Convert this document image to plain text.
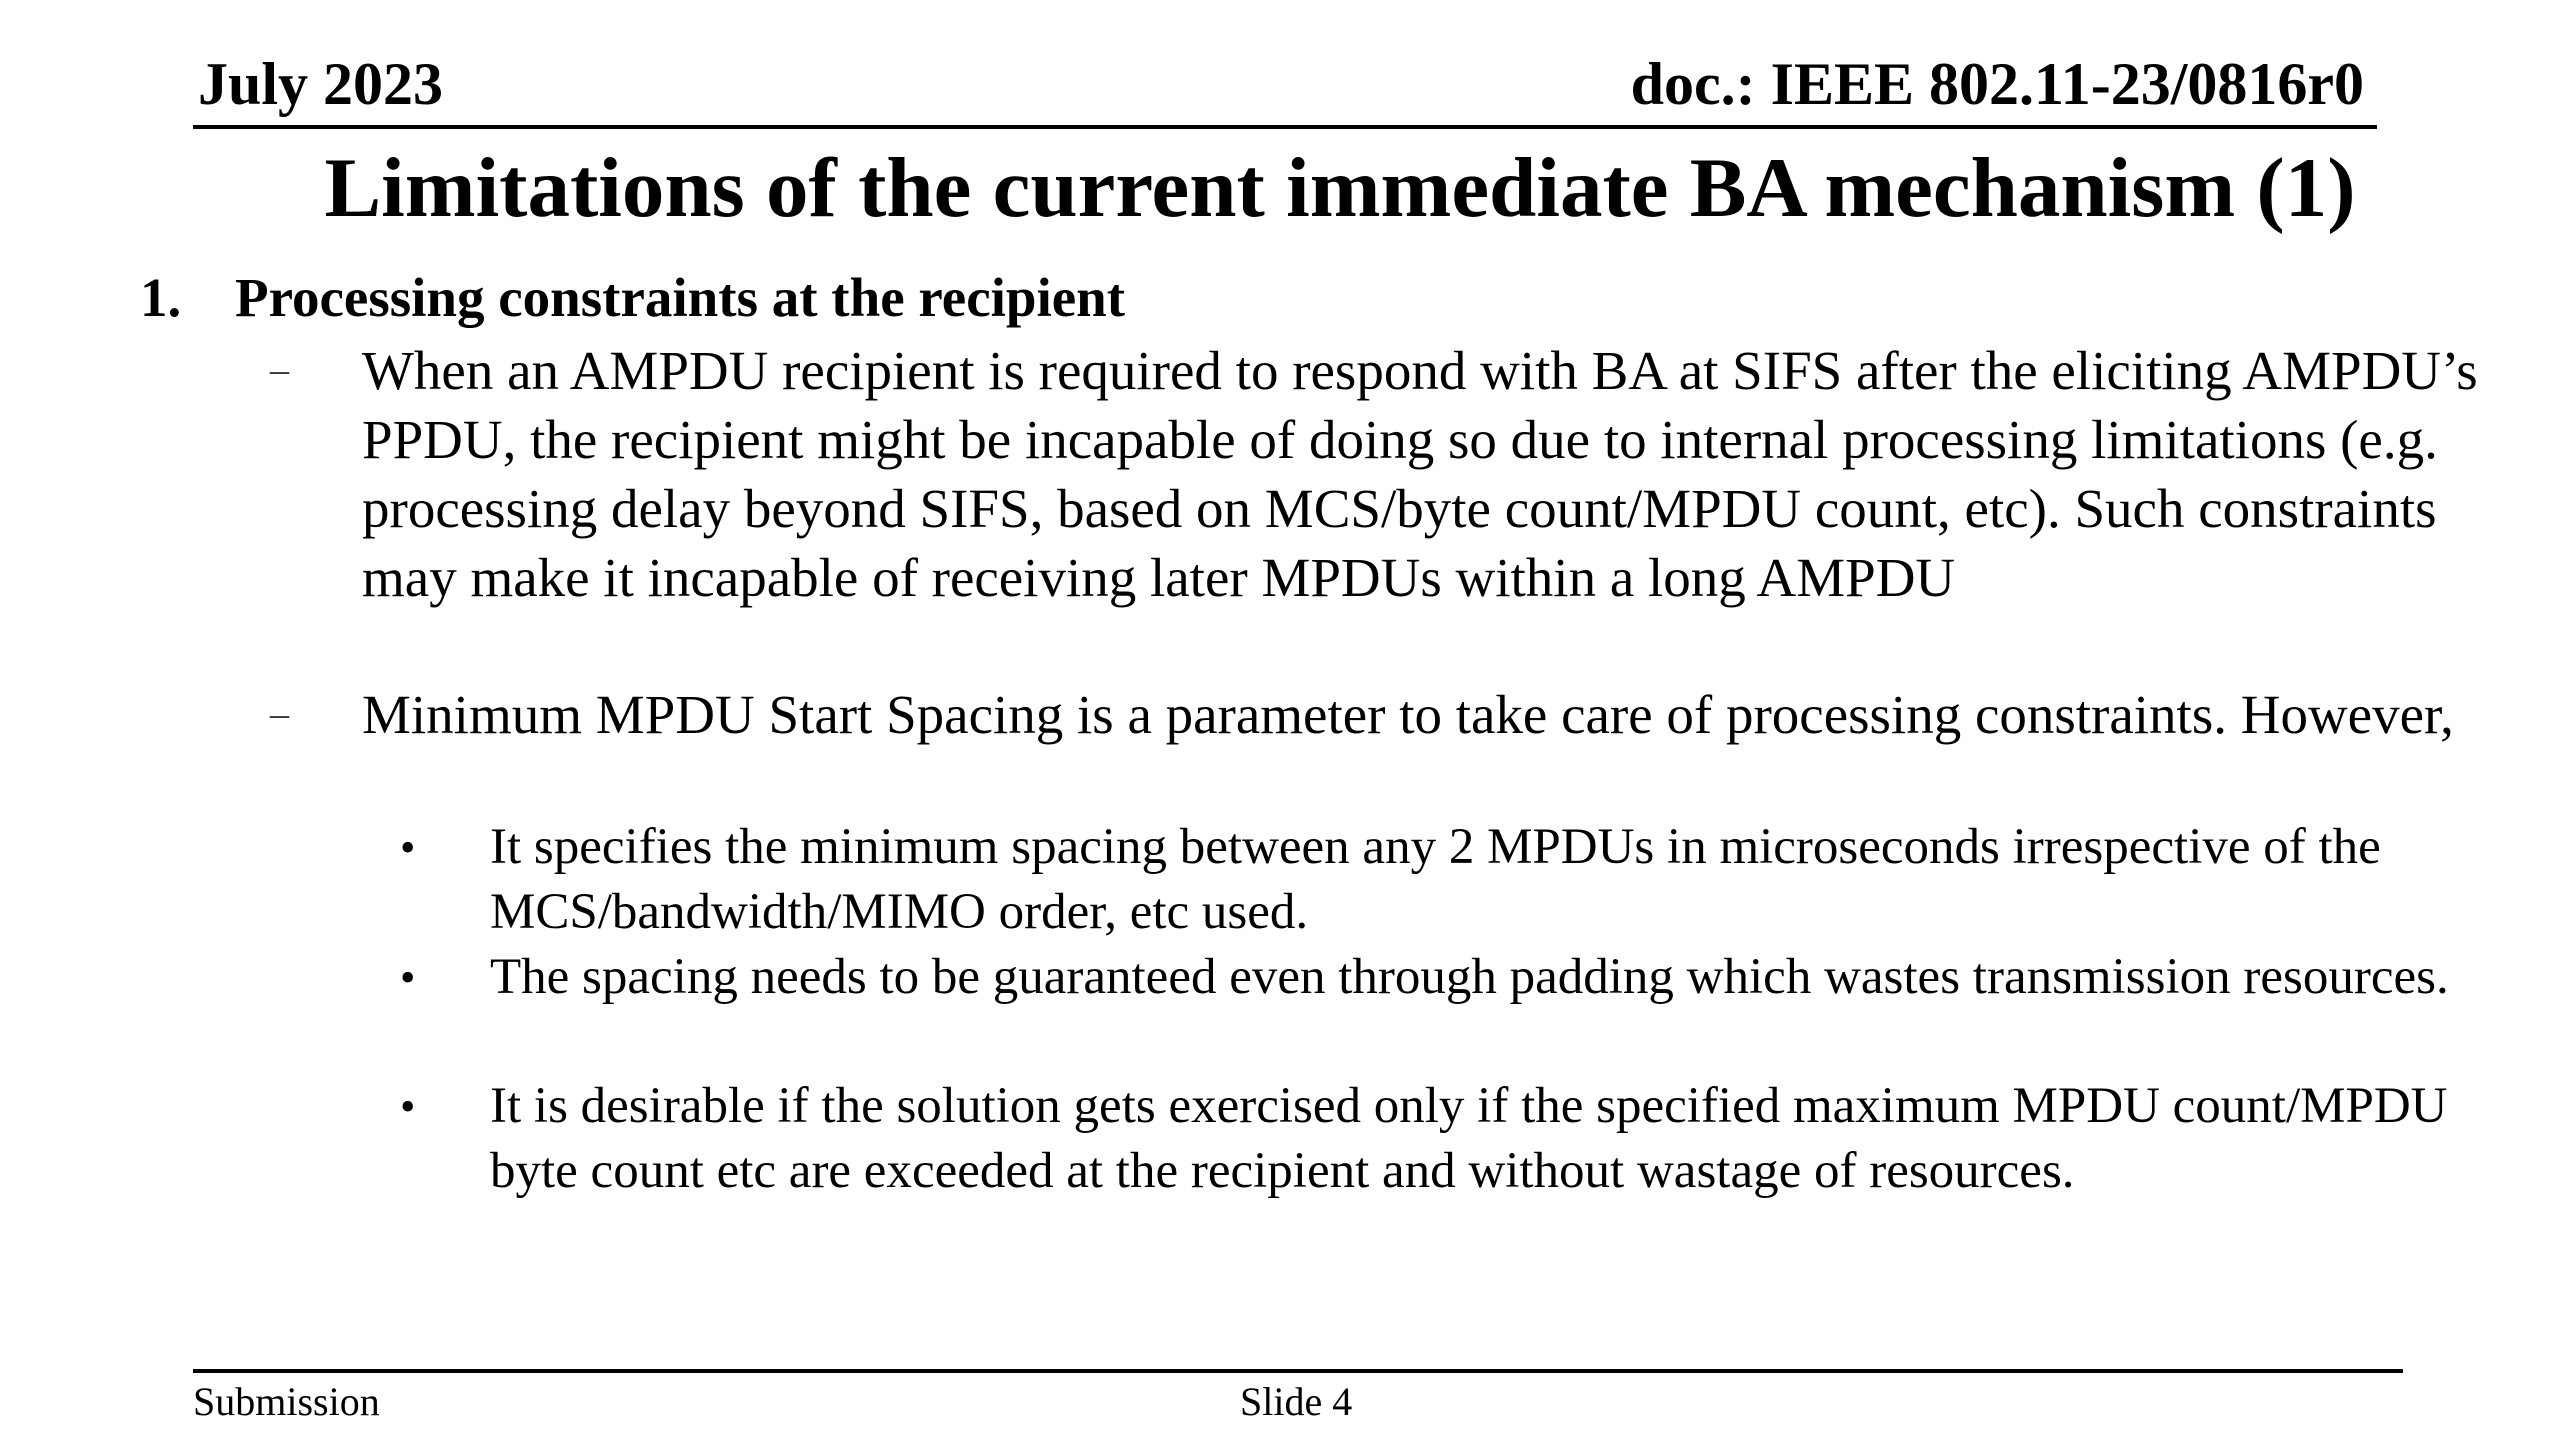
July 2023	doc.: IEEE 802.11-23/0816r0
Limitations of the current immediate BA mechanism (1)
1. Processing constraints at the recipient
– When an AMPDU recipient is required to respond with BA at SIFS after the eliciting AMPDU’s PPDU, the recipient might be incapable of doing so due to internal processing limitations (e.g. processing delay beyond SIFS, based on MCS/byte count/MPDU count, etc). Such constraints may make it incapable of receiving later MPDUs within a long AMPDU
– Minimum MPDU Start Spacing is a parameter to take care of processing constraints. However,
• It specifies the minimum spacing between any 2 MPDUs in microseconds irrespective of the MCS/bandwidth/MIMO order, etc used.
• The spacing needs to be guaranteed even through padding which wastes transmission resources.
• It is desirable if the solution gets exercised only if the specified maximum MPDU count/MPDU byte count etc are exceeded at the recipient and without wastage of resources.
Submission	Slide 4
